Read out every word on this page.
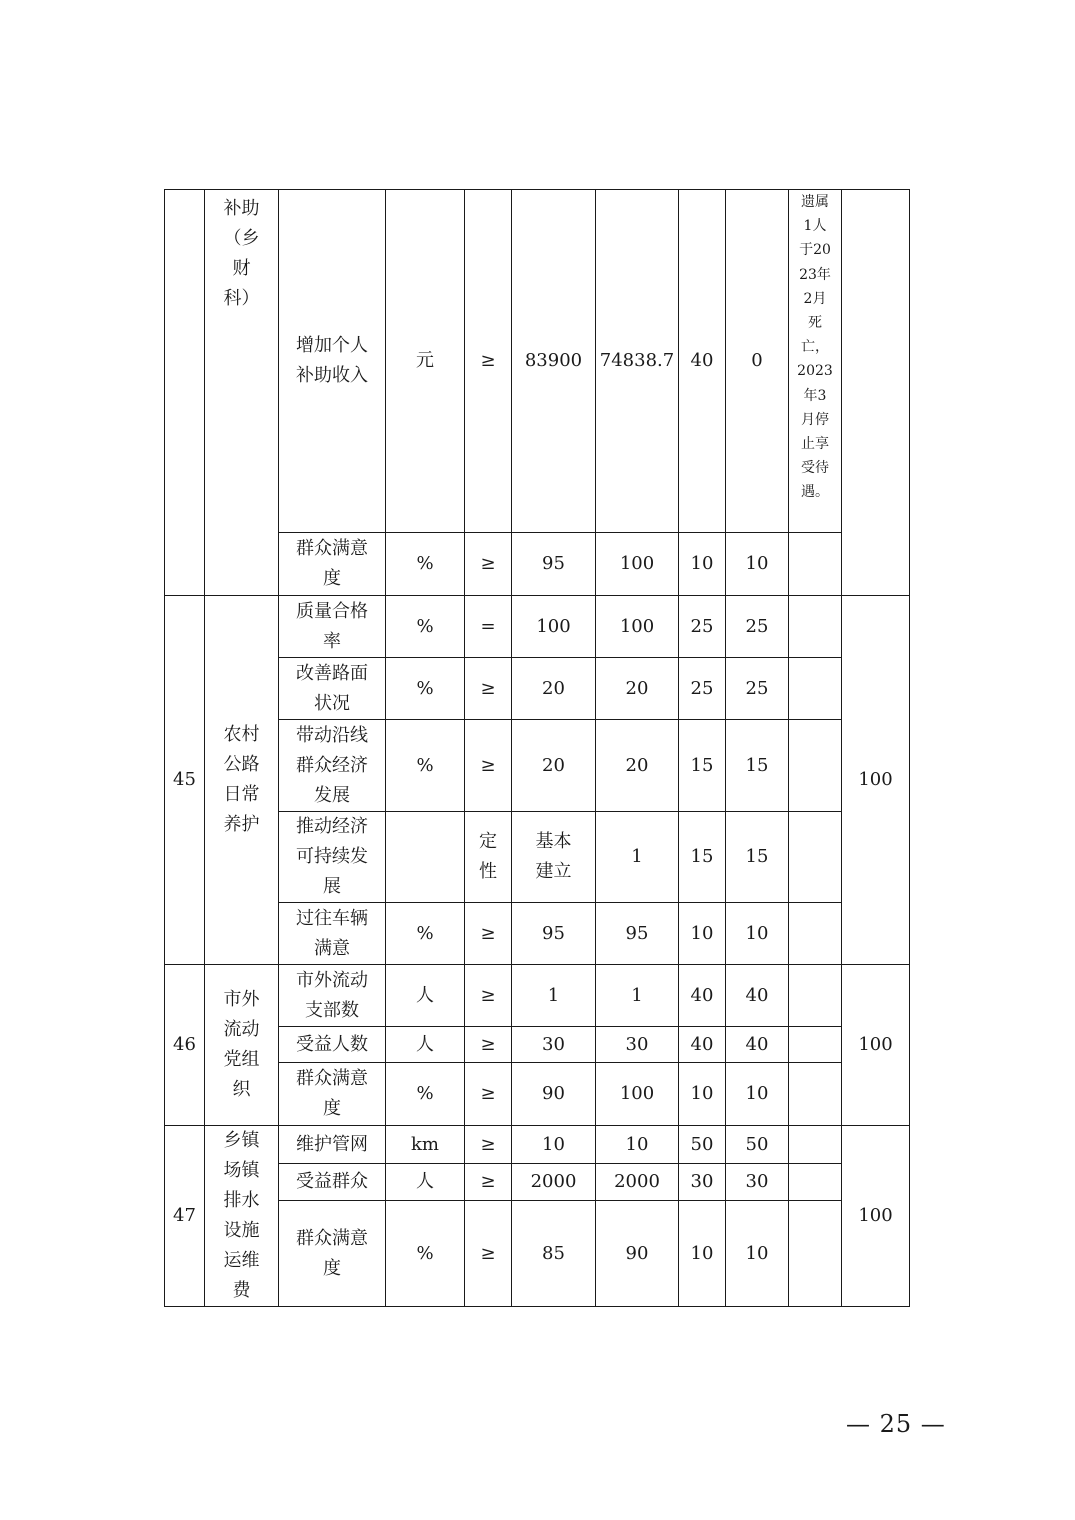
	补助（乡财科）	增加个人补助收入	元	≥	83900	74838.7	40	0	遗属1人于2023年2月死亡，2023年3月停止享受待遇。	
		群众满意度	%	≥	95	100	10	10		
45	农村公路日常养护	质量合格率	%	=	100	100	25	25		100
		改善路面状况	%	≥	20	20	25	25		
		带动沿线群众经济发展	%	≥	20	20	15	15		
		推动经济可持续发展		定性	基本建立	1	15	15		
		过往车辆满意	%	≥	95	95	10	10		
46	市外流动党组织	市外流动支部数	人	≥	1	1	40	40		100
		受益人数	人	≥	30	30	40	40		
		群众满意度	%	≥	90	100	10	10		
47	乡镇场镇排水设施运维费	维护管网	km	≥	10	10	50	50		100
		受益群众	人	≥	2000	2000	30	30		
		群众满意度	%	≥	85	90	10	10		
— 25 —
